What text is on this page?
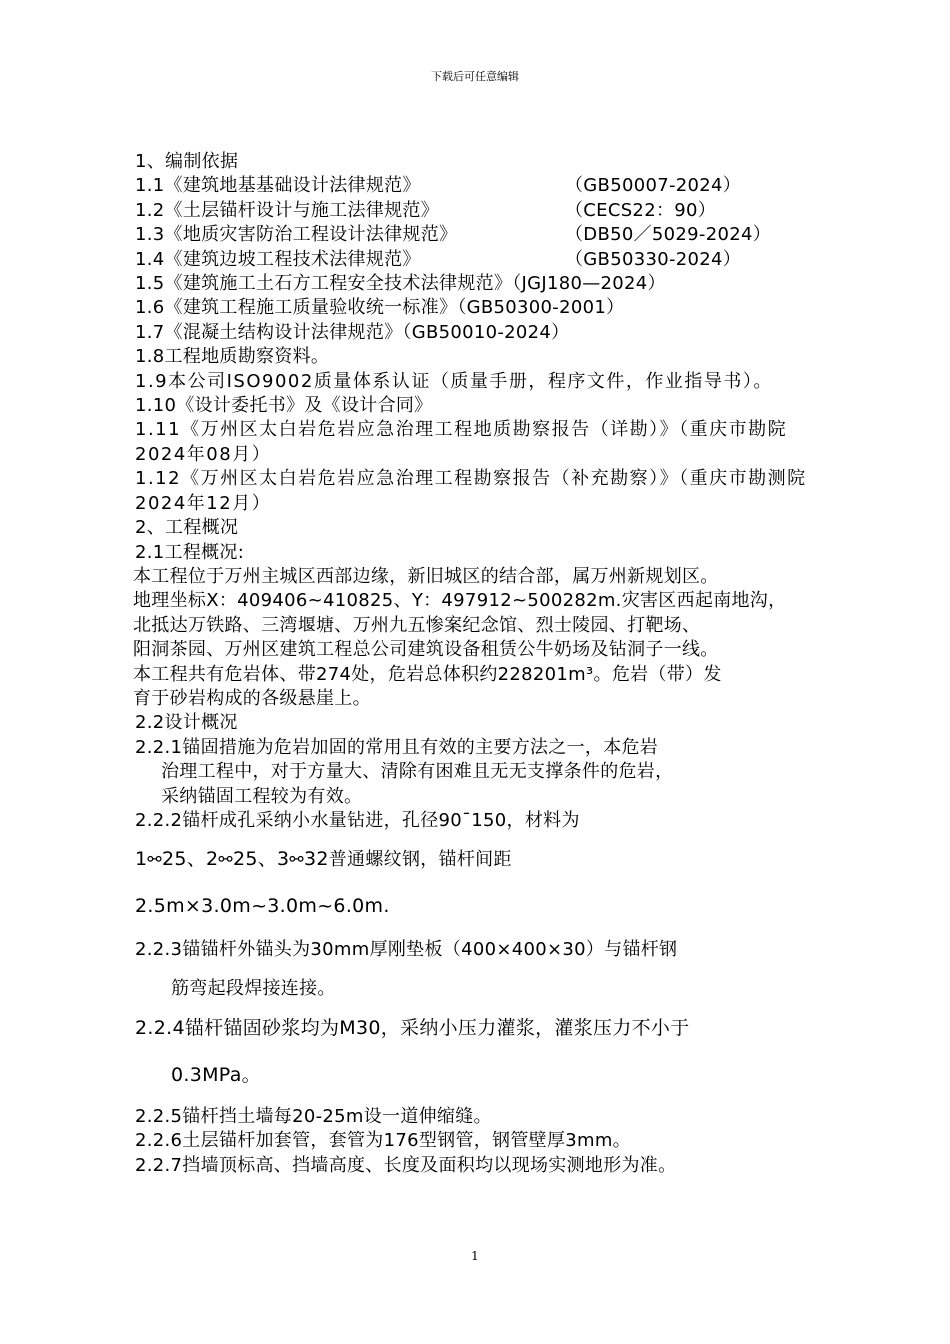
下载后可任意编辑
1、编制依据
1.1《建筑地基基础设计法律规范》	（GB50007-2024）
1.2《土层锚杆设计与施工法律规范》	（CECS22：90）
1.3《地质灾害防治工程设计法律规范》	（DB50／5029-2024）
1.4《建筑边坡工程技术法律规范》	（GB50330-2024）
1.5《建筑施工土石方工程安全技术法律规范》（JGJ180—2024）
1.6《建筑工程施工质量验收统一标准》（GB50300-2001）
1.7《混凝土结构设计法律规范》（GB50010-2024）
1.8工程地质勘察资料。
1.9本公司ISO9002质量体系认证（质量手册，程序文件，作业指导书）。
1.10《设计委托书》及《设计合同》
1.11《万州区太白岩危岩应急治理工程地质勘察报告（详勘）》（重庆市勘院2024年08月）
1.12《万州区太白岩危岩应急治理工程勘察报告（补充勘察）》（重庆市勘测院2024年12月）
2、工程概况
2.1工程概况:
本工程位于万州主城区西部边缘，新旧城区的结合部，属万州新规划区。
地理坐标X：409406~410825、Y：497912~500282m.灾害区西起南地沟，
北抵达万铁路、三湾堰塘、万州九五惨案纪念馆、烈士陵园、打靶场、
阳洞茶园、万州区建筑工程总公司建筑设备租赁公牛奶场及钻洞子一线。
本工程共有危岩体、带274处，危岩总体积约228201m³。危岩（带）发
育于砂岩构成的各级悬崖上。
2.2设计概况
2.2.1锚固措施为危岩加固的常用且有效的主要方法之一，本危岩
治理工程中，对于方量大、清除有困难且无无支撑条件的危岩，
采纳锚固工程较为有效。
2.2.2锚杆成孔采纳小水量钻进，孔径90¯150，材料为
1⚯25、2⚯25、3⚯32普通螺纹钢，锚杆间距
2.5m×3.0m~3.0m~6.0m.
2.2.3锚锚杆外锚头为30mm厚刚垫板（400×400×30）与锚杆钢
筋弯起段焊接连接。
2.2.4锚杆锚固砂浆均为M30，采纳小压力灌浆，灌浆压力不小于
0.3MPa。
2.2.5锚杆挡土墙每20-25m设一道伸缩缝。
2.2.6土层锚杆加套管，套管为176型钢管，钢管壁厚3mm。
2.2.7挡墙顶标高、挡墙高度、长度及面积均以现场实测地形为准。
1
